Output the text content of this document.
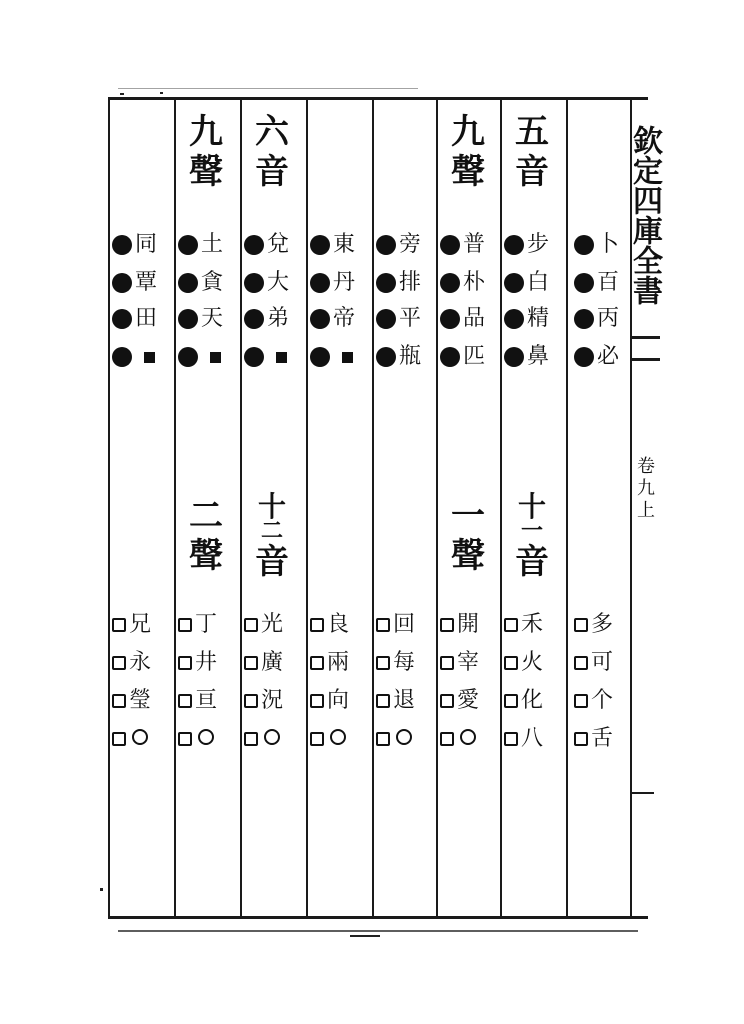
欽定四庫全書
卷
九
上
卜
百
丙
必
多
可
个
舌
五
音
十
一
音
步
白
精
鼻
禾
火
化
八
九
聲
一
聲
普
朴
品
匹
開
宰
愛
旁
排
平
瓶
回
每
退
東
丹
帝
良
兩
向
六
音
十
二
音
兌
大
弟
光
廣
況
九
聲
二
聲
土
貪
天
丁
井
亘
同
覃
田
兄
永
瑩
